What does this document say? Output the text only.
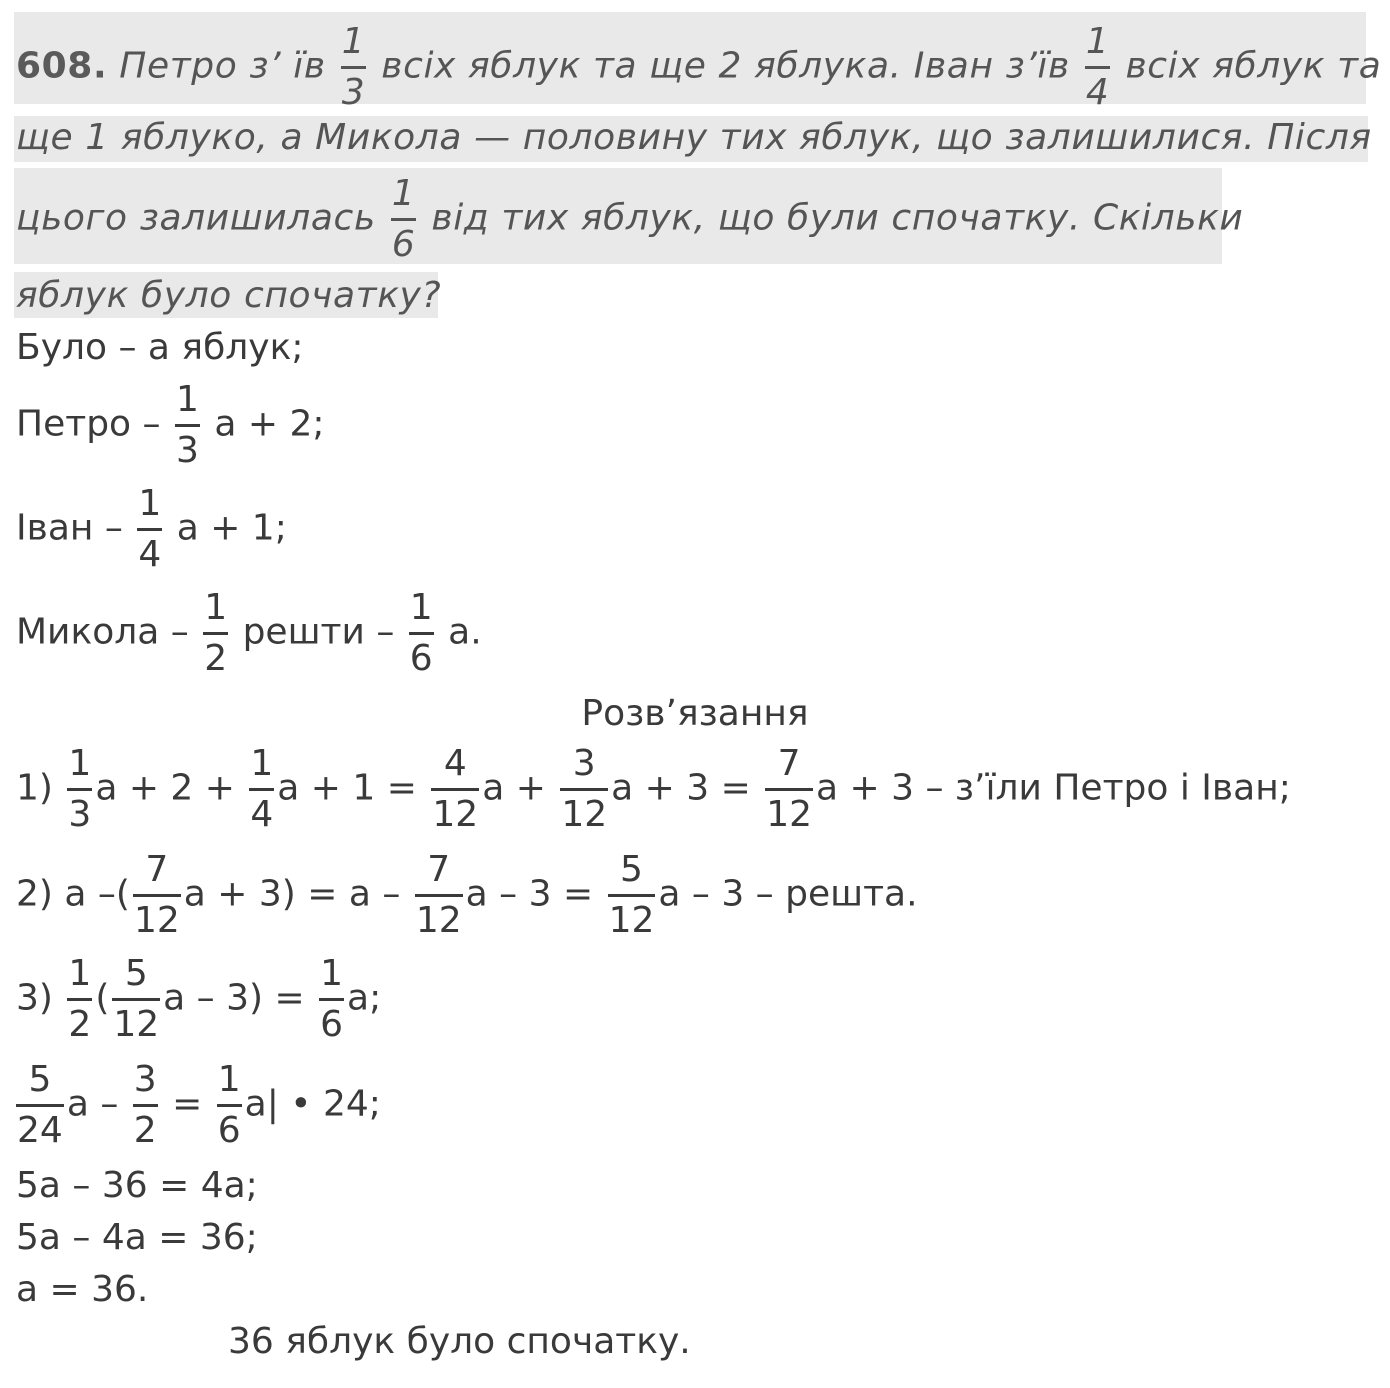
608. Петро з’ їв $\frac{1}{3}$ всіх яблук та ще 2 яблука. Іван з’їв $\frac{1}{4}$ всіх яблук та
ще 1 яблуко, а Микола — половину тих яблук, що залишилися. Після
цього залишилась $\frac{1}{6}$ від тих яблук, що були спочатку. Скільки
яблук було спочатку?
Було – а яблук;
Петро – $\frac{1}{3}$ а + 2;
Іван – $\frac{1}{4}$ а + 1;
Микола – $\frac{1}{2}$ решти – $\frac{1}{6} а$.
Розв’язання
$1) \frac{1}{3}$ $а + 2 + \frac{1}{4}$ $а + 1 = \frac{4}{12}$ $а + \frac{3}{12}$ $а + 3 = \frac{7}{12}$ а + 3 – з’їли Петро і Іван;
2) а –( $\frac{7}{12}$ $а + 3) = а - \frac{7}{12}$ $а - 3 = \frac{5}{12}$ а – 3 – решта.
$3) \frac{1}{2}$ ( $\frac{5}{12}$ $а - 3) = \frac{1}{6} а$;
$\frac{5}{24}$ $а - \frac{3}{2} = \frac{1}{6} а|$ • 24;
5а – 36 = 4а;
5а – 4а = 36;
а = 36.
36 яблук було спочатку.
